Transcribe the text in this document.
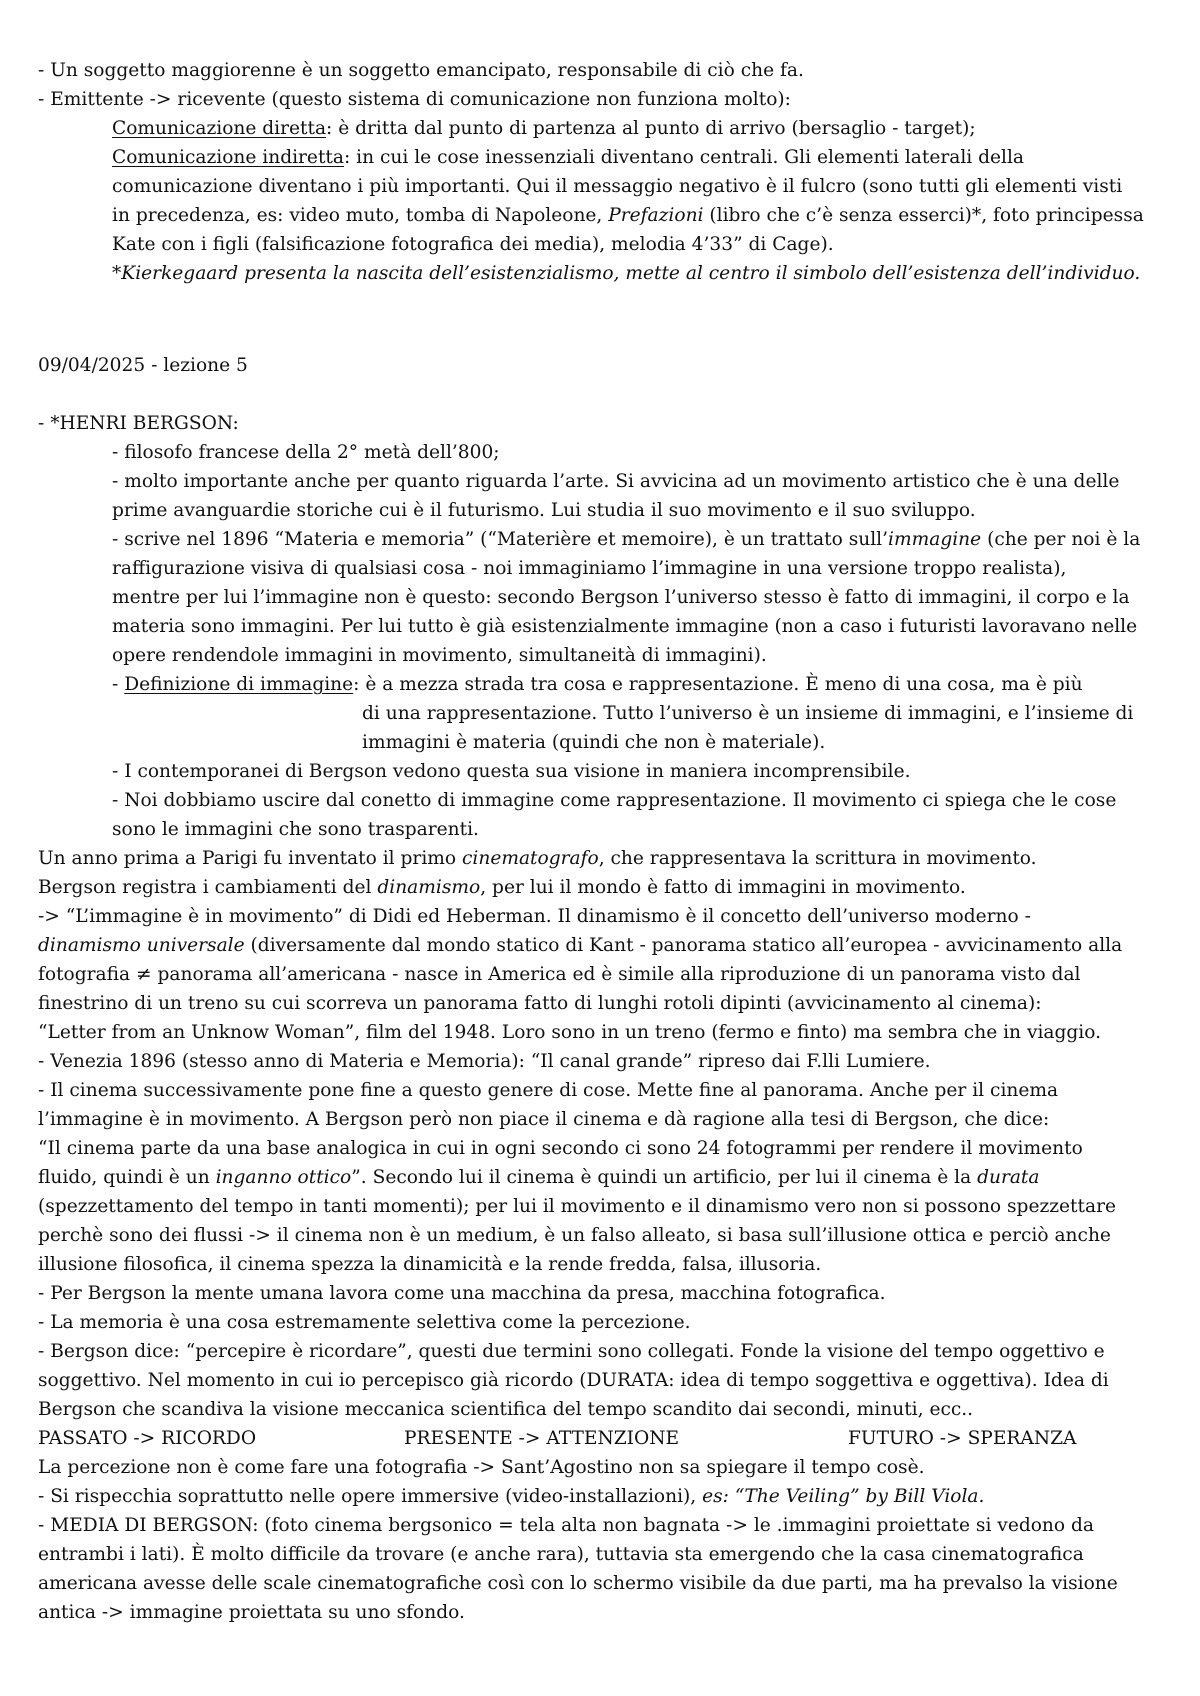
- Un soggetto maggiorenne è un soggetto emancipato, responsabile di ciò che fa.
- Emittente -> ricevente (questo sistema di comunicazione non funziona molto):
Comunicazione diretta: è dritta dal punto di partenza al punto di arrivo (bersaglio - target);
Comunicazione indiretta: in cui le cose inessenziali diventano centrali. Gli elementi laterali della
comunicazione diventano i più importanti. Qui il messaggio negativo è il fulcro (sono tutti gli elementi visti
in precedenza, es: video muto, tomba di Napoleone, Prefazioni (libro che c’è senza esserci)*, foto principessa
Kate con i figli (falsificazione fotografica dei media), melodia 4’33” di Cage).
*Kierkegaard presenta la nascita dell’esistenzialismo, mette al centro il simbolo dell’esistenza dell’individuo.
09/04/2025 - lezione 5
- *HENRI BERGSON:
- filosofo francese della 2° metà dell’800;
- molto importante anche per quanto riguarda l’arte. Si avvicina ad un movimento artistico che è una delle
prime avanguardie storiche cui è il futurismo. Lui studia il suo movimento e il suo sviluppo.
- scrive nel 1896 “Materia e memoria” (“Materière et memoire), è un trattato sull’immagine (che per noi è la
raffigurazione visiva di qualsiasi cosa - noi immaginiamo l’immagine in una versione troppo realista),
mentre per lui l’immagine non è questo: secondo Bergson l’universo stesso è fatto di immagini, il corpo e la
materia sono immagini. Per lui tutto è già esistenzialmente immagine (non a caso i futuristi lavoravano nelle
opere rendendole immagini in movimento, simultaneità di immagini).
- Definizione di immagine: è a mezza strada tra cosa e rappresentazione. È meno di una cosa, ma è più
di una rappresentazione. Tutto l’universo è un insieme di immagini, e l’insieme di
immagini è materia (quindi che non è materiale).
- I contemporanei di Bergson vedono questa sua visione in maniera incomprensibile.
- Noi dobbiamo uscire dal conetto di immagine come rappresentazione. Il movimento ci spiega che le cose
sono le immagini che sono trasparenti.
Un anno prima a Parigi fu inventato il primo cinematografo, che rappresentava la scrittura in movimento.
Bergson registra i cambiamenti del dinamismo, per lui il mondo è fatto di immagini in movimento.
-> “L’immagine è in movimento” di Didi ed Heberman. Il dinamismo è il concetto dell’universo moderno -
dinamismo universale (diversamente dal mondo statico di Kant - panorama statico all’europea - avvicinamento alla
fotografia ≠ panorama all’americana - nasce in America ed è simile alla riproduzione di un panorama visto dal
finestrino di un treno su cui scorreva un panorama fatto di lunghi rotoli dipinti (avvicinamento al cinema):
“Letter from an Unknow Woman”, film del 1948. Loro sono in un treno (fermo e finto) ma sembra che in viaggio.
- Venezia 1896 (stesso anno di Materia e Memoria): “Il canal grande” ripreso dai F.lli Lumiere.
- Il cinema successivamente pone fine a questo genere di cose. Mette fine al panorama. Anche per il cinema
l’immagine è in movimento. A Bergson però non piace il cinema e dà ragione alla tesi di Bergson, che dice:
“Il cinema parte da una base analogica in cui in ogni secondo ci sono 24 fotogrammi per rendere il movimento
fluido, quindi è un inganno ottico”. Secondo lui il cinema è quindi un artificio, per lui il cinema è la durata
(spezzettamento del tempo in tanti momenti); per lui il movimento e il dinamismo vero non si possono spezzettare
perchè sono dei flussi -> il cinema non è un medium, è un falso alleato, si basa sull’illusione ottica e perciò anche
illusione filosofica, il cinema spezza la dinamicità e la rende fredda, falsa, illusoria.
- Per Bergson la mente umana lavora come una macchina da presa, macchina fotografica.
- La memoria è una cosa estremamente selettiva come la percezione.
- Bergson dice: “percepire è ricordare”, questi due termini sono collegati. Fonde la visione del tempo oggettivo e
soggettivo. Nel momento in cui io percepisco già ricordo (DURATA: idea di tempo soggettiva e oggettiva). Idea di
Bergson che scandiva la visione meccanica scientifica del tempo scandito dai secondi, minuti, ecc..
PASSATO -> RICORDO	PRESENTE -> ATTENZIONE	FUTURO -> SPERANZA
La percezione non è come fare una fotografia -> Sant’Agostino non sa spiegare il tempo cosè.
- Si rispecchia soprattutto nelle opere immersive (video-installazioni), es: “The Veiling” by Bill Viola.
- MEDIA DI BERGSON: (foto cinema bergsonico = tela alta non bagnata -> le .immagini proiettate si vedono da
entrambi i lati). È molto difficile da trovare (e anche rara), tuttavia sta emergendo che la casa cinematografica
americana avesse delle scale cinematografiche così con lo schermo visibile da due parti, ma ha prevalso la visione
antica -> immagine proiettata su uno sfondo.
